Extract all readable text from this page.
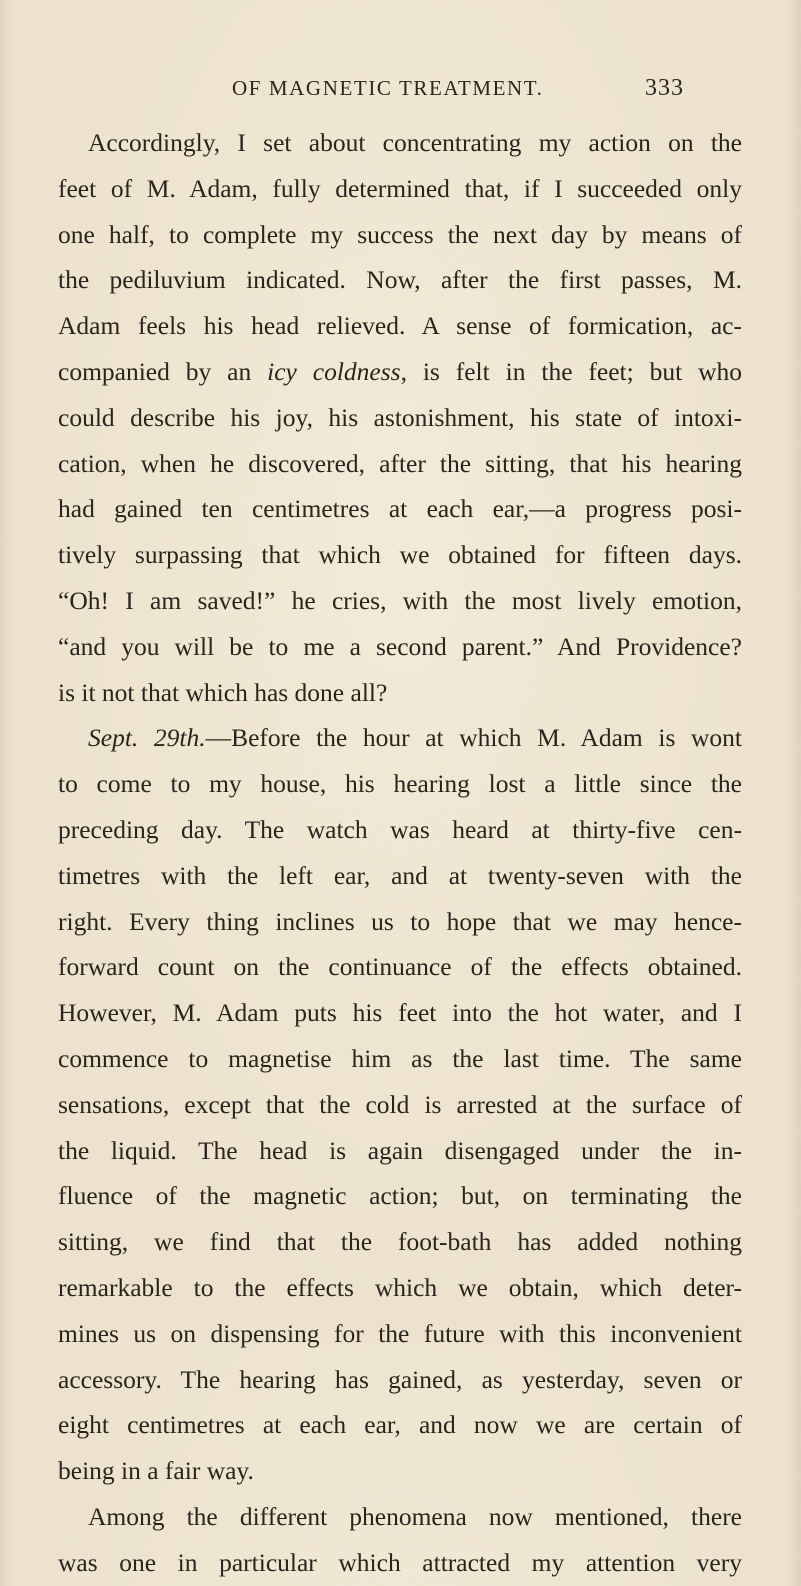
OF MAGNETIC TREATMENT.	333
Accordingly, I set about concentrating my action on the
feet of M. Adam, fully determined that, if I succeeded only
one half, to complete my success the next day by means of
the pediluvium indicated. Now, after the first passes, M.
Adam feels his head relieved. A sense of formication, ac-
companied by an icy coldness, is felt in the feet; but who
could describe his joy, his astonishment, his state of intoxi-
cation, when he discovered, after the sitting, that his hearing
had gained ten centimetres at each ear,—a progress posi-
tively surpassing that which we obtained for fifteen days.
“Oh! I am saved!” he cries, with the most lively emotion,
“and you will be to me a second parent.” And Providence?
is it not that which has done all?
Sept. 29th.—Before the hour at which M. Adam is wont
to come to my house, his hearing lost a little since the
preceding day. The watch was heard at thirty-five cen-
timetres with the left ear, and at twenty-seven with the
right. Every thing inclines us to hope that we may hence-
forward count on the continuance of the effects obtained.
However, M. Adam puts his feet into the hot water, and I
commence to magnetise him as the last time. The same
sensations, except that the cold is arrested at the surface of
the liquid. The head is again disengaged under the in-
fluence of the magnetic action; but, on terminating the
sitting, we find that the foot-bath has added nothing
remarkable to the effects which we obtain, which deter-
mines us on dispensing for the future with this inconvenient
accessory. The hearing has gained, as yesterday, seven or
eight centimetres at each ear, and now we are certain of
being in a fair way.
Among the different phenomena now mentioned, there
was one in particular which attracted my attention very
